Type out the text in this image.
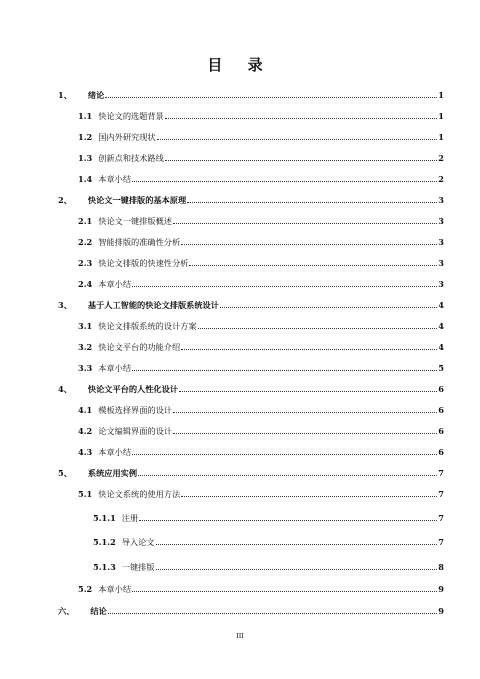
目 录
1、 绪论	1
1.1 快论文的选题背景	1
1.2 国内外研究现状	1
1.3 创新点和技术路线	2
1.4 本章小结	2
2、 快论文一键排版的基本原理	3
2.1 快论文一键排版概述	3
2.2 智能排版的准确性分析	3
2.3 快论文排版的快速性分析	3
2.4 本章小结	3
3、 基于人工智能的快论文排版系统设计	4
3.1 快论文排版系统的设计方案	4
3.2 快论文平台的功能介绍	4
3.3 本章小结	5
4、 快论文平台的人性化设计	6
4.1 模板选择界面的设计	6
4.2 论文编辑界面的设计	6
4.3 本章小结	6
5、 系统应用实例	7
5.1 快论文系统的使用方法	7
5.1.1 注册	7
5.1.2 导入论文	7
5.1.3 一键排版	8
5.2 本章小结	9
六、 结论	9
III
